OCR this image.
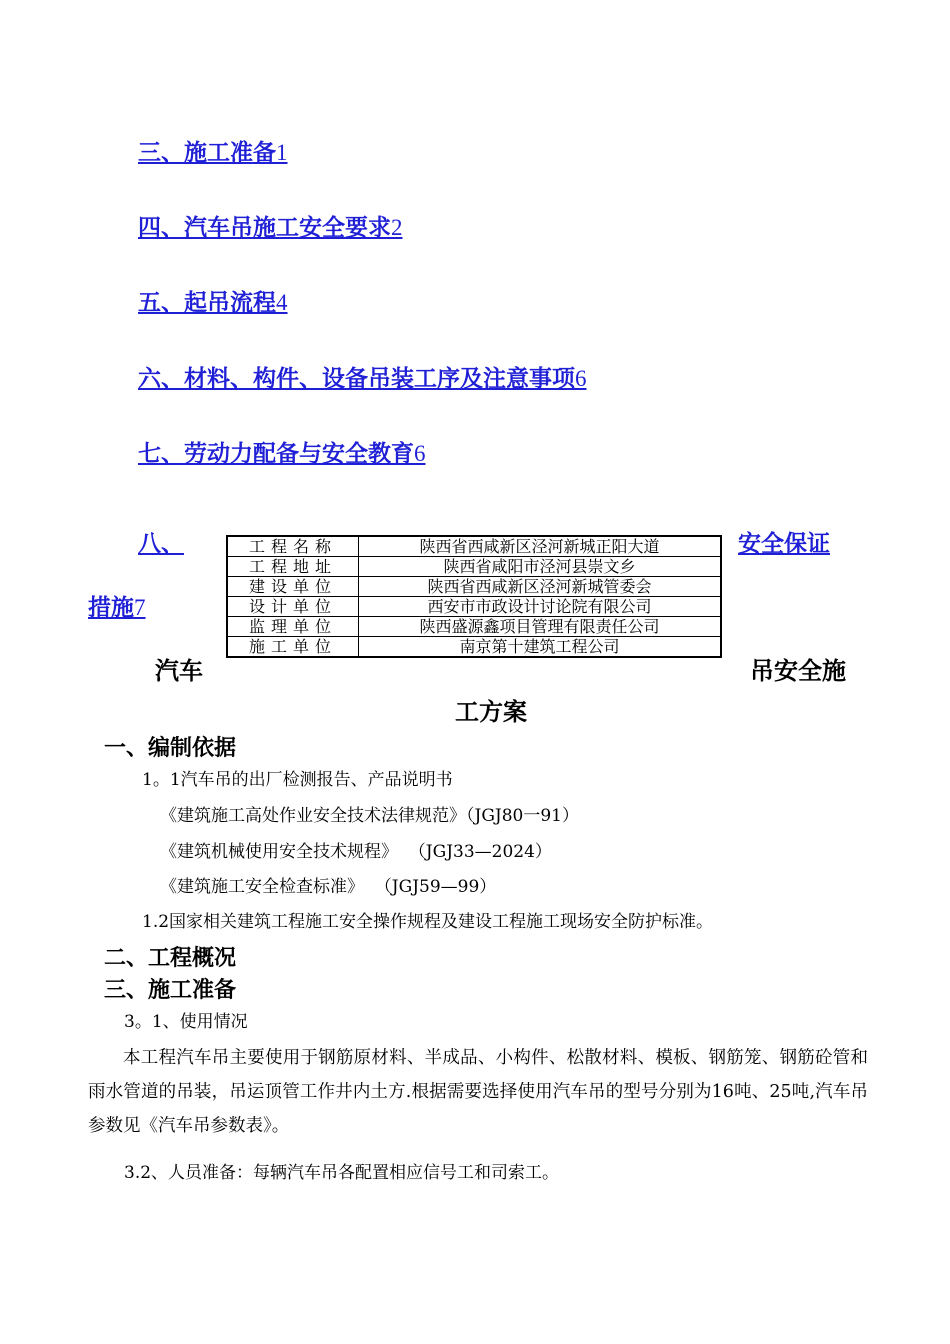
三、施工准备1
四、汽车吊施工安全要求2
五、起吊流程4
六、材料、构件、设备吊装工序及注意事项6
七、劳动力配备与安全教育6
八、	安全保证
措施7
工程名称	陕西省西咸新区泾河新城正阳大道
工程地址	陕西省咸阳市泾河县崇文乡
建设单位	陕西省西咸新区泾河新城管委会
设计单位	西安市市政设计讨论院有限公司
监理单位	陕西盛源鑫项目管理有限责任公司
施工单位	南京第十建筑工程公司
汽车	吊安全施
工方案
一、编制依据
1。1汽车吊的出厂检测报告、产品说明书
《建筑施工高处作业安全技术法律规范》（JGJ80一91）
《建筑机械使用安全技术规程》  （JGJ33—2024）
《建筑施工安全检查标准》  （JGJ59—99）
1.2国家相关建筑工程施工安全操作规程及建设工程施工现场安全防护标准。
二、工程概况
三、施工准备
3。1、使用情况
本工程汽车吊主要使用于钢筋原材料、半成品、小构件、松散材料、模板、钢筋笼、钢筋砼管和雨水管道的吊装，吊运顶管工作井内土方.根据需要选择使用汽车吊的型号分别为16吨、25吨,汽车吊参数见《汽车吊参数表》。
3.2、人员准备：每辆汽车吊各配置相应信号工和司索工。
